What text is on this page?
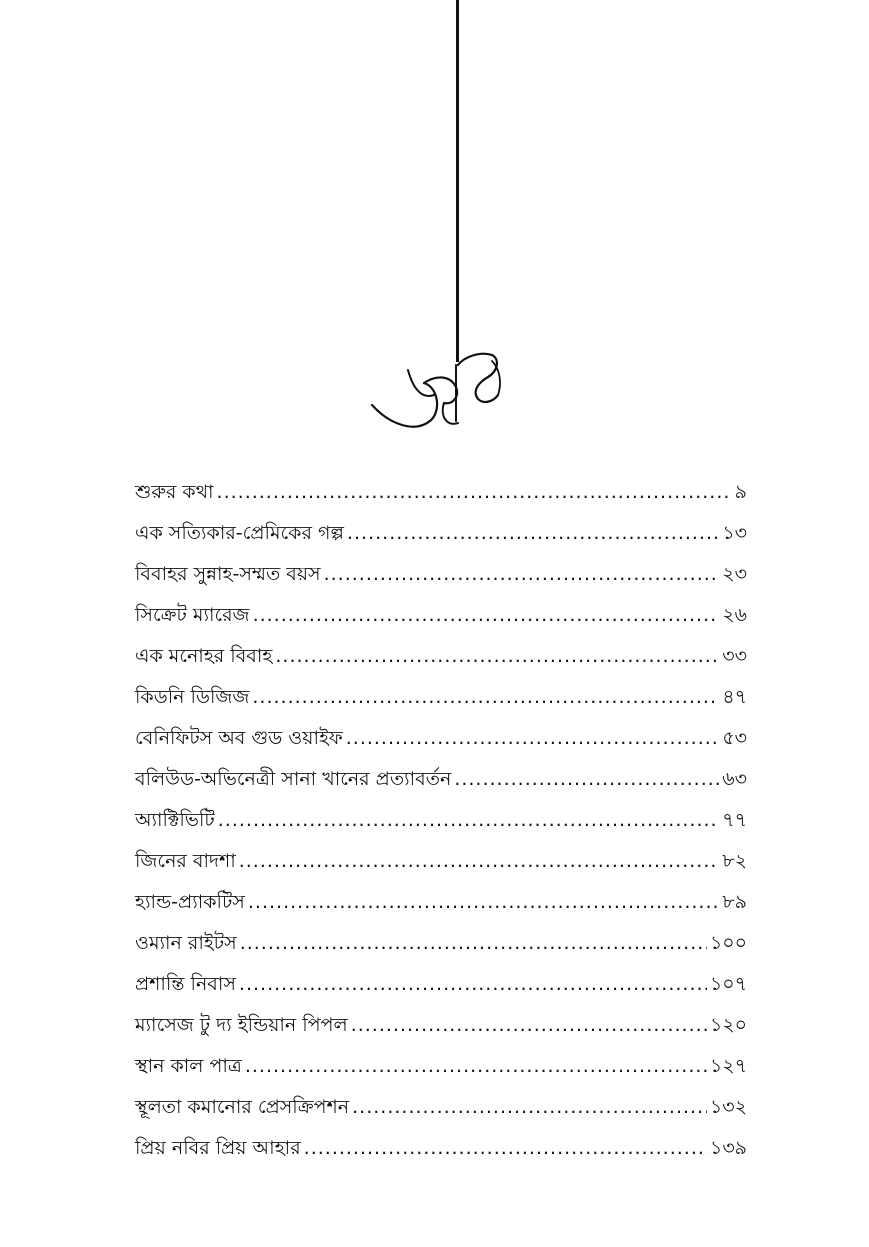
শুরুর কথা .....	৯
এক সত্যিকার-প্রেমিকের গল্প .....	১৩
বিবাহর সুন্নাহ-সম্মত বয়স .....	২৩
সিক্রেট ম্যারেজ .....	২৬
এক মনোহর বিবাহ .....	৩৩
কিডনি ডিজিজ .....	৪৭
বেনিফিটস অব গুড ওয়াইফ .....	৫৩
বলিউড-অভিনেত্রী সানা খানের প্রত্যাবর্তন .....	৬৩
অ্যাক্টিভিটি .....	৭৭
জিনের বাদশা .....	৮২
হ্যান্ড-প্র্যাকটিস .....	৮৯
ওম্যান রাইটস .....	১০০
প্রশান্তি নিবাস .....	১০৭
ম্যাসেজ টু দ্য ইন্ডিয়ান পিপল .....	১২০
স্থান কাল পাত্র .....	১২৭
স্থূলতা কমানোর প্রেসক্রিপশন .....	১৩২
প্রিয় নবির প্রিয় আহার .....	১৩৯
